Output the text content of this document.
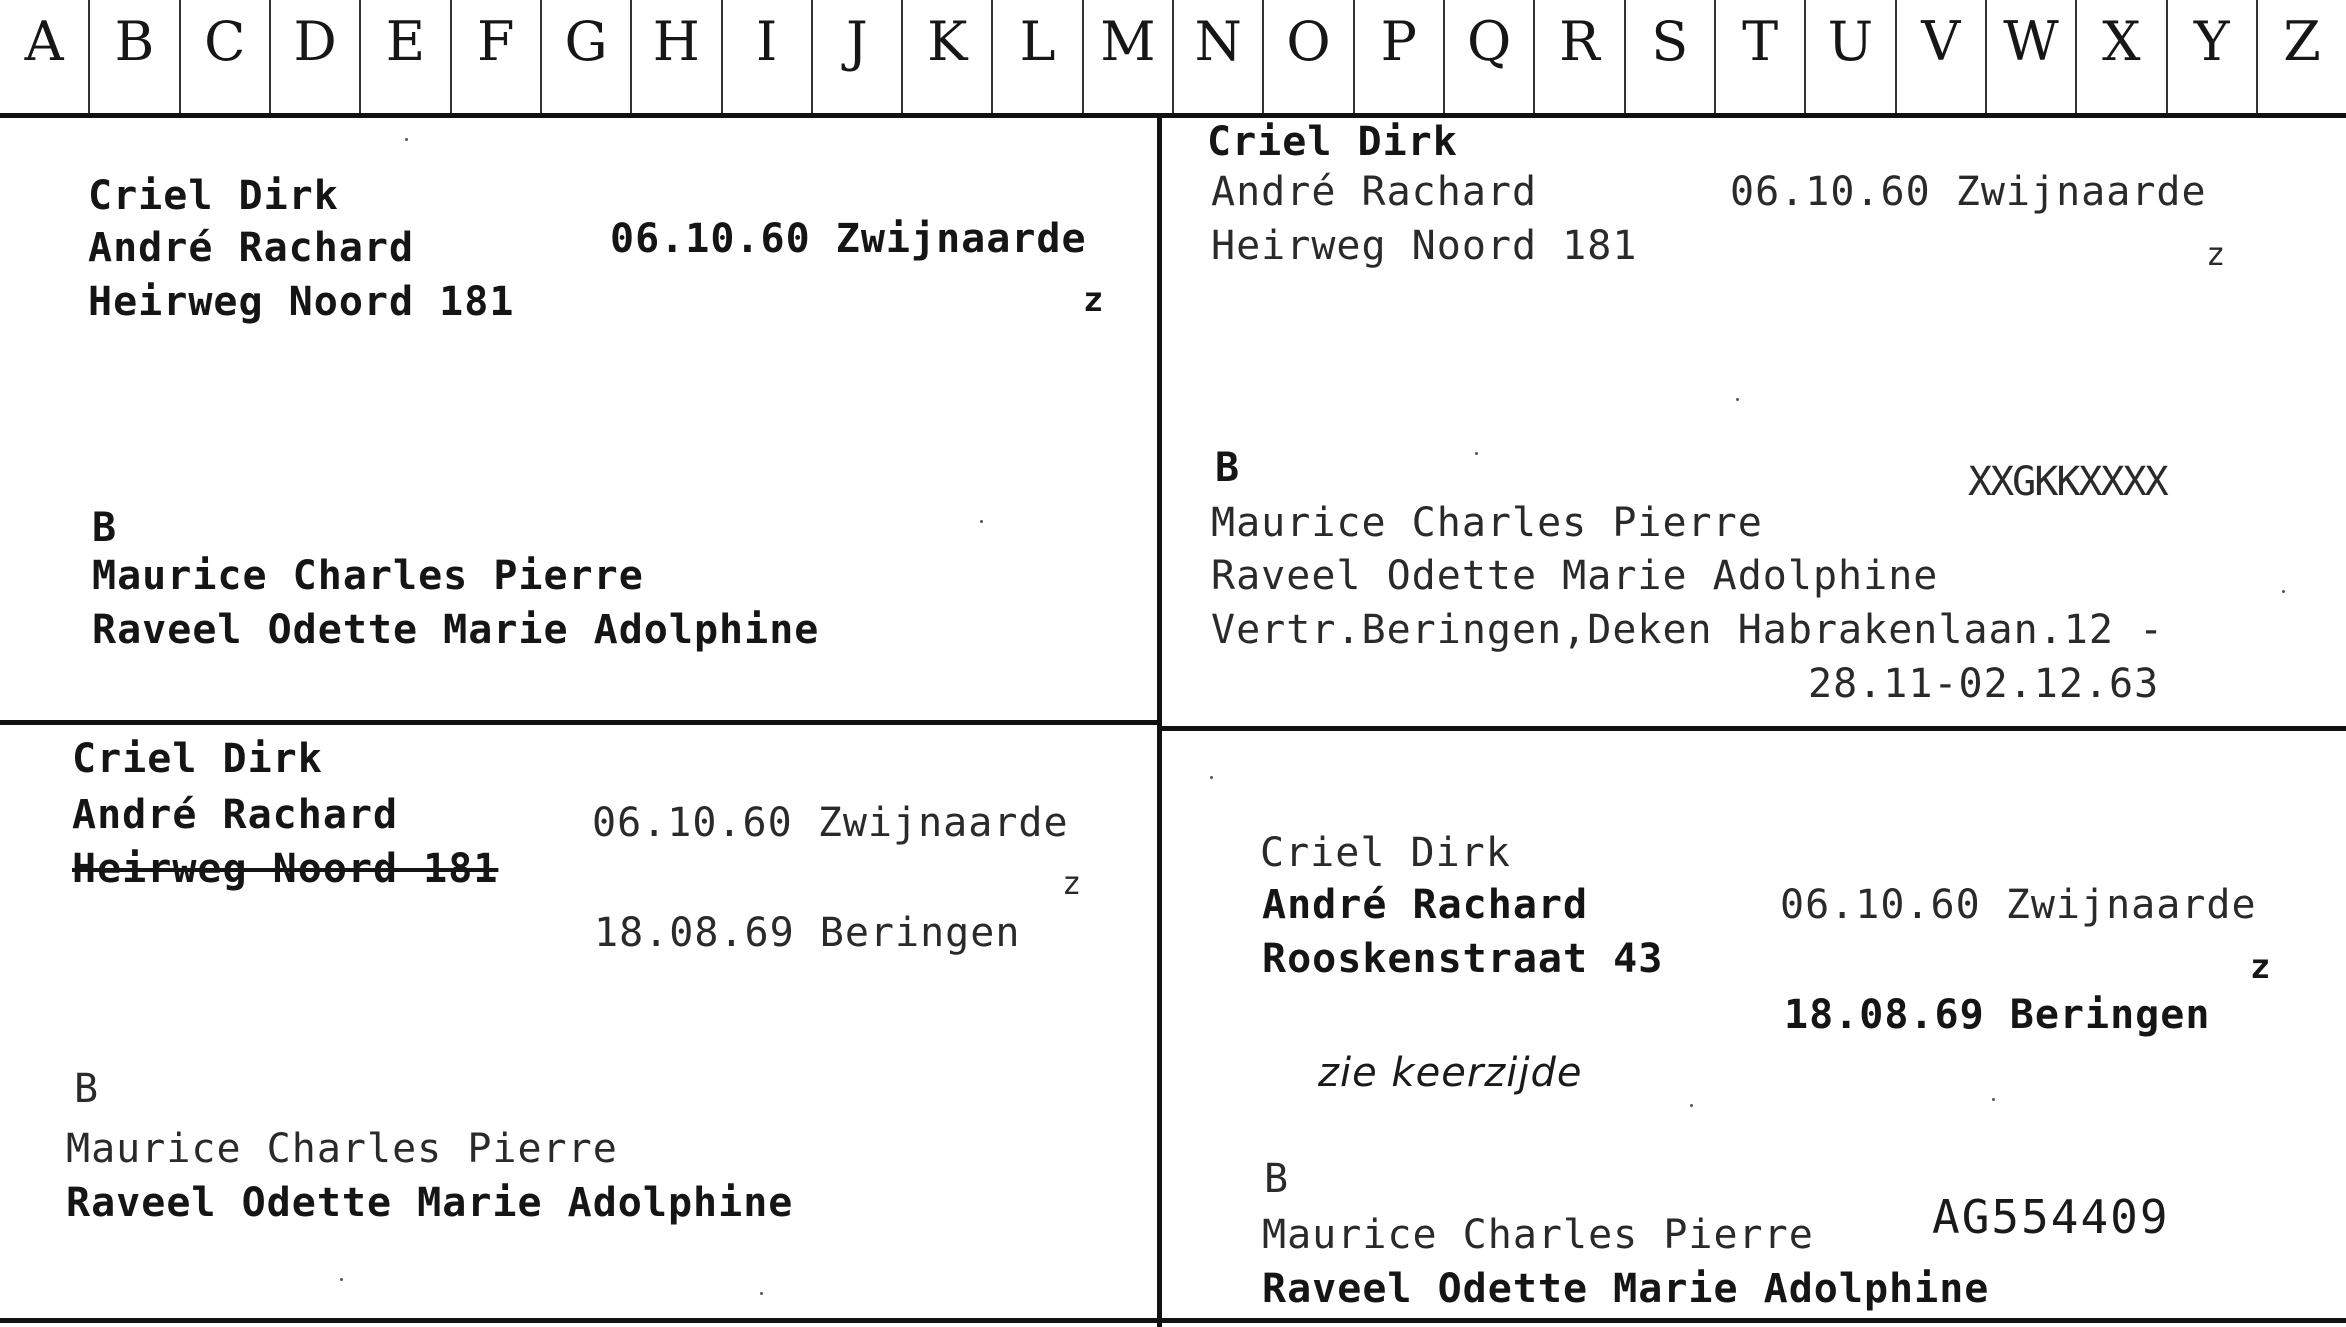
A B C D E F G H	I	J	K L M N O P Q R S T U V W X Y Z
Criel Dirk
André Rachard	06.10.60 Zwijnaarde
Heirweg Noord 181	z
B
Maurice Charles Pierre
Raveel Odette Marie Adolphine
Criel Dirk
André Rachard	06.10.60 Zwijnaarde
Heirweg Noord 181	z
B	XXGKKXXXX
Maurice Charles Pierre
Raveel Odette Marie Adolphine
Vertr.Beringen,Deken Habrakenlaan.12 -
28.11-02.12.63
Criel Dirk
André Rachard	06.10.60 Zwijnaarde
Heirweg Noord 181	z
18.08.69 Beringen
B
Maurice Charles Pierre
Raveel Odette Marie Adolphine
Criel Dirk
André Rachard	06.10.60 Zwijnaarde
Rooskenstraat 43	z
18.08.69 Beringen
zie keerzijde
B
Maurice Charles Pierre	AG554409
Raveel Odette Marie Adolphine
